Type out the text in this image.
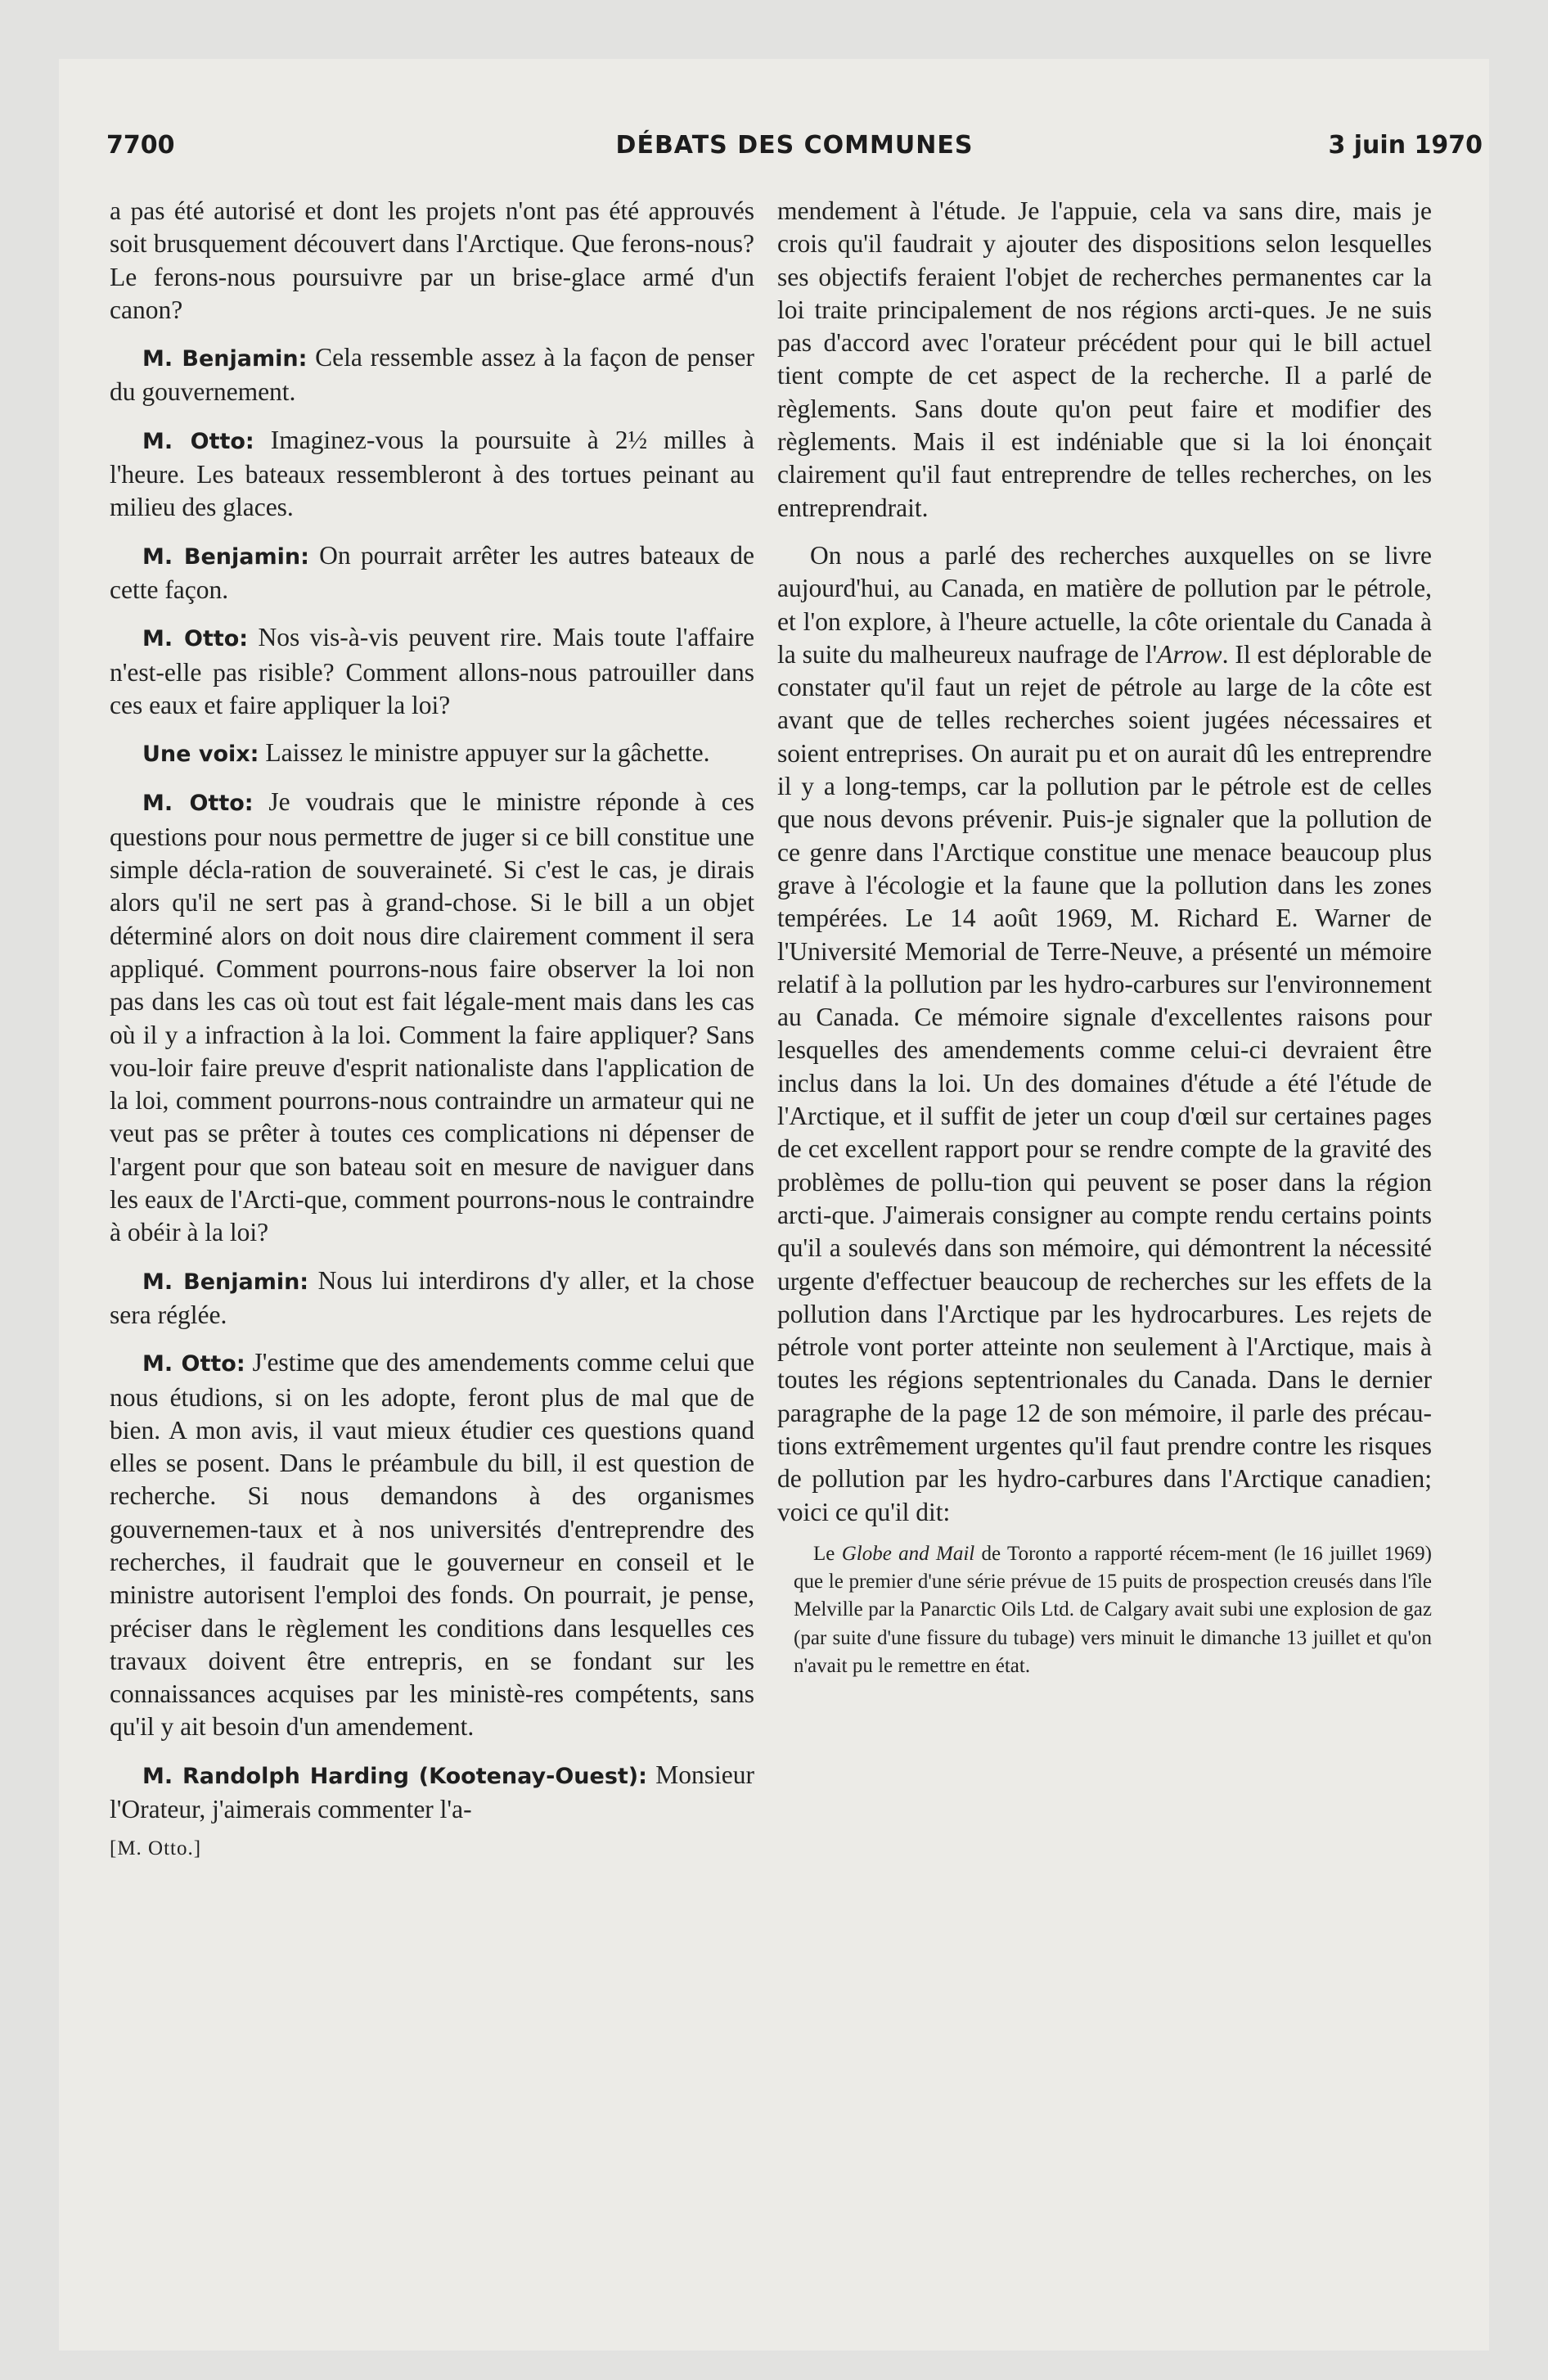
7700	DÉBATS DES COMMUNES	3 juin 1970

a pas été autorisé et dont les projets n'ont pas été approuvés soit brusquement découvert dans l'Arctique. Que ferons-nous? Le ferons-nous poursuivre par un brise-glace armé d'un canon?

M. Benjamin: Cela ressemble assez à la façon de penser du gouvernement.

M. Otto: Imaginez-vous la poursuite à 2½ milles à l'heure. Les bateaux ressembleront à des tortues peinant au milieu des glaces.

M. Benjamin: On pourrait arrêter les autres bateaux de cette façon.

M. Otto: Nos vis-à-vis peuvent rire. Mais toute l'affaire n'est-elle pas risible? Comment allons-nous patrouiller dans ces eaux et faire appliquer la loi?

Une voix: Laissez le ministre appuyer sur la gâchette.

M. Otto: Je voudrais que le ministre réponde à ces questions pour nous permettre de juger si ce bill constitue une simple décla-ration de souveraineté. Si c'est le cas, je dirais alors qu'il ne sert pas à grand-chose. Si le bill a un objet déterminé alors on doit nous dire clairement comment il sera appliqué. Comment pourrons-nous faire observer la loi non pas dans les cas où tout est fait légale-ment mais dans les cas où il y a infraction à la loi. Comment la faire appliquer? Sans vou-loir faire preuve d'esprit nationaliste dans l'application de la loi, comment pourrons-nous contraindre un armateur qui ne veut pas se prêter à toutes ces complications ni dépenser de l'argent pour que son bateau soit en mesure de naviguer dans les eaux de l'Arcti-que, comment pourrons-nous le contraindre à obéir à la loi?

M. Benjamin: Nous lui interdirons d'y aller, et la chose sera réglée.

M. Otto: J'estime que des amendements comme celui que nous étudions, si on les adopte, feront plus de mal que de bien. A mon avis, il vaut mieux étudier ces questions quand elles se posent. Dans le préambule du bill, il est question de recherche. Si nous demandons à des organismes gouvernemen-taux et à nos universités d'entreprendre des recherches, il faudrait que le gouverneur en conseil et le ministre autorisent l'emploi des fonds. On pourrait, je pense, préciser dans le règlement les conditions dans lesquelles ces travaux doivent être entrepris, en se fondant sur les connaissances acquises par les ministè-res compétents, sans qu'il y ait besoin d'un amendement.

M. Randolph Harding (Kootenay-Ouest): Monsieur l'Orateur, j'aimerais commenter l'a-

[M. Otto.]

mendement à l'étude. Je l'appuie, cela va sans dire, mais je crois qu'il faudrait y ajouter des dispositions selon lesquelles ses objectifs feraient l'objet de recherches permanentes car la loi traite principalement de nos régions arcti-ques. Je ne suis pas d'accord avec l'orateur précédent pour qui le bill actuel tient compte de cet aspect de la recherche. Il a parlé de règlements. Sans doute qu'on peut faire et modifier des règlements. Mais il est indéniable que si la loi énonçait clairement qu'il faut entreprendre de telles recherches, on les entreprendrait.

On nous a parlé des recherches auxquelles on se livre aujourd'hui, au Canada, en matière de pollution par le pétrole, et l'on explore, à l'heure actuelle, la côte orientale du Canada à la suite du malheureux naufrage de l'Arrow. Il est déplorable de constater qu'il faut un rejet de pétrole au large de la côte est avant que de telles recherches soient jugées nécessaires et soient entreprises. On aurait pu et on aurait dû les entreprendre il y a long-temps, car la pollution par le pétrole est de celles que nous devons prévenir. Puis-je signaler que la pollution de ce genre dans l'Arctique constitue une menace beaucoup plus grave à l'écologie et la faune que la pollution dans les zones tempérées. Le 14 août 1969, M. Richard E. Warner de l'Université Memorial de Terre-Neuve, a présenté un mémoire relatif à la pollution par les hydro-carbures sur l'environnement au Canada. Ce mémoire signale d'excellentes raisons pour lesquelles des amendements comme celui-ci devraient être inclus dans la loi. Un des domaines d'étude a été l'étude de l'Arctique, et il suffit de jeter un coup d'œil sur certaines pages de cet excellent rapport pour se rendre compte de la gravité des problèmes de pollu-tion qui peuvent se poser dans la région arcti-que. J'aimerais consigner au compte rendu certains points qu'il a soulevés dans son mémoire, qui démontrent la nécessité urgente d'effectuer beaucoup de recherches sur les effets de la pollution dans l'Arctique par les hydrocarbures. Les rejets de pétrole vont porter atteinte non seulement à l'Arctique, mais à toutes les régions septentrionales du Canada. Dans le dernier paragraphe de la page 12 de son mémoire, il parle des précau-tions extrêmement urgentes qu'il faut prendre contre les risques de pollution par les hydro-carbures dans l'Arctique canadien; voici ce qu'il dit:

Le Globe and Mail de Toronto a rapporté récem-ment (le 16 juillet 1969) que le premier d'une série prévue de 15 puits de prospection creusés dans l'île Melville par la Panarctic Oils Ltd. de Calgary avait subi une explosion de gaz (par suite d'une fissure du tubage) vers minuit le dimanche 13 juillet et qu'on n'avait pu le remettre en état.
